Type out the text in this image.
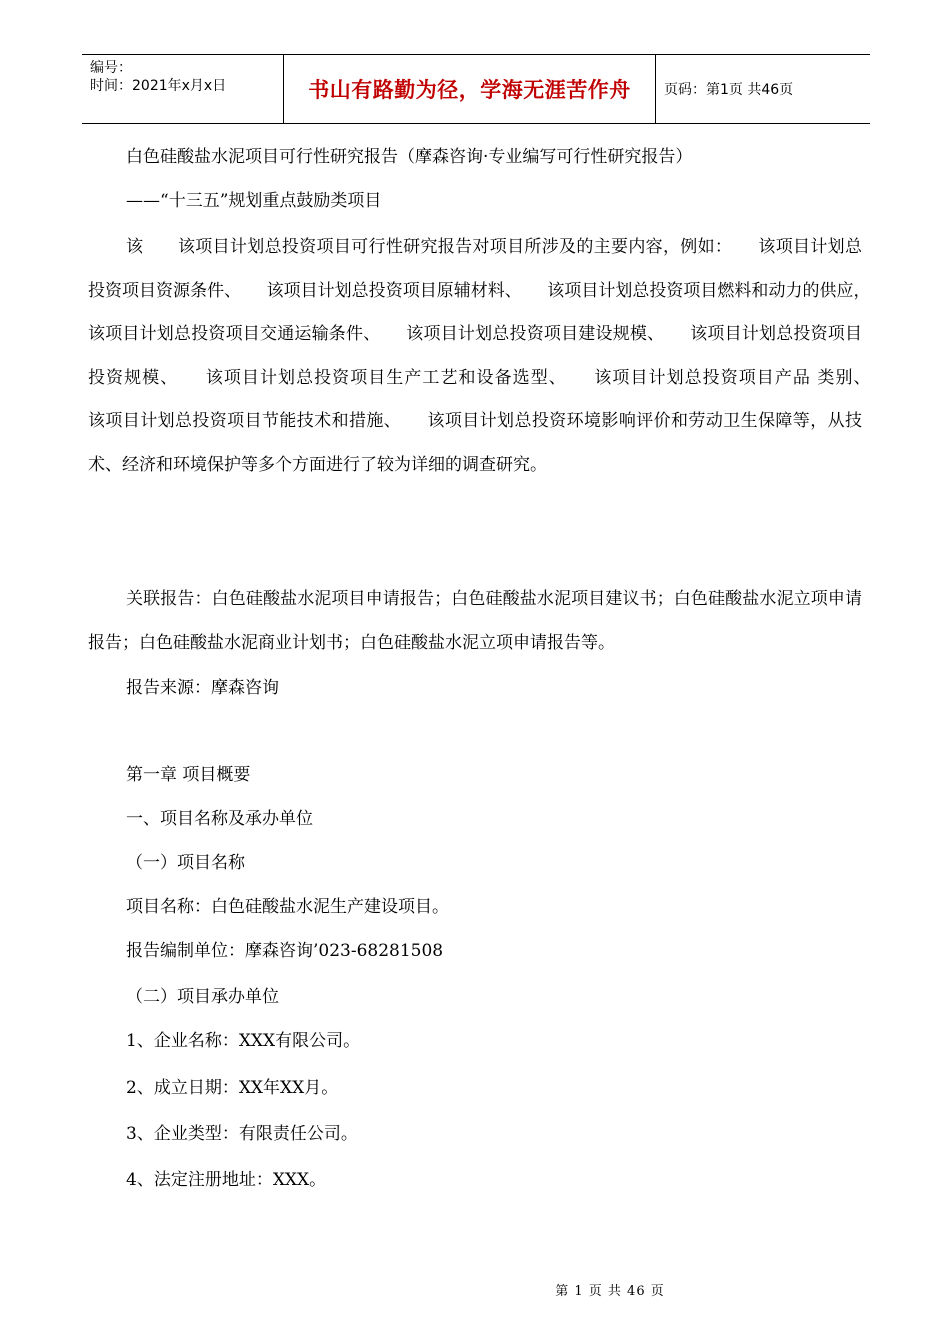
编号：
时间：2021年x月x日	书山有路勤为径，学海无涯苦作舟 页码：第1页 共46页
白色硅酸盐水泥项目可行性研究报告（摩森咨询·专业编写可行性研究报告）
——“十三五”规划重点鼓励类项目
该　　该项目计划总投资项目可行性研究报告对项目所涉及的主要内容，例如：　　该项目计划总投资项目资源条件、　　该项目计划总投资项目原辅材料、　　该项目计划总投资项目燃料和动力的供应，　　该项目计划总投资项目交通运输条件、　　该项目计划总投资项目建设规模、　　该项目计划总投资项目投资规模、　　该项目计划总投资项目生产工艺和设备选型、　　该项目计划总投资项目产品 类别、　　该项目计划总投资项目节能技术和措施、　　该项目计划总投资环境影响评价和劳动卫生保障等，从技术、经济和环境保护等多个方面进行了较为详细的调查研究。
关联报告：白色硅酸盐水泥项目申请报告；白色硅酸盐水泥项目建议书；白色硅酸盐水泥立项申请报告；白色硅酸盐水泥商业计划书；白色硅酸盐水泥立项申请报告等。
报告来源：摩森咨询
第一章 项目概要
一、项目名称及承办单位
（一）项目名称
项目名称：白色硅酸盐水泥生产建设项目。
报告编制单位：摩森咨询’023-68281508
（二）项目承办单位
1、企业名称：XXX有限公司。
2、成立日期：XX年XX月。
3、企业类型：有限责任公司。
4、法定注册地址：XXX。
第 1 页 共 46 页
